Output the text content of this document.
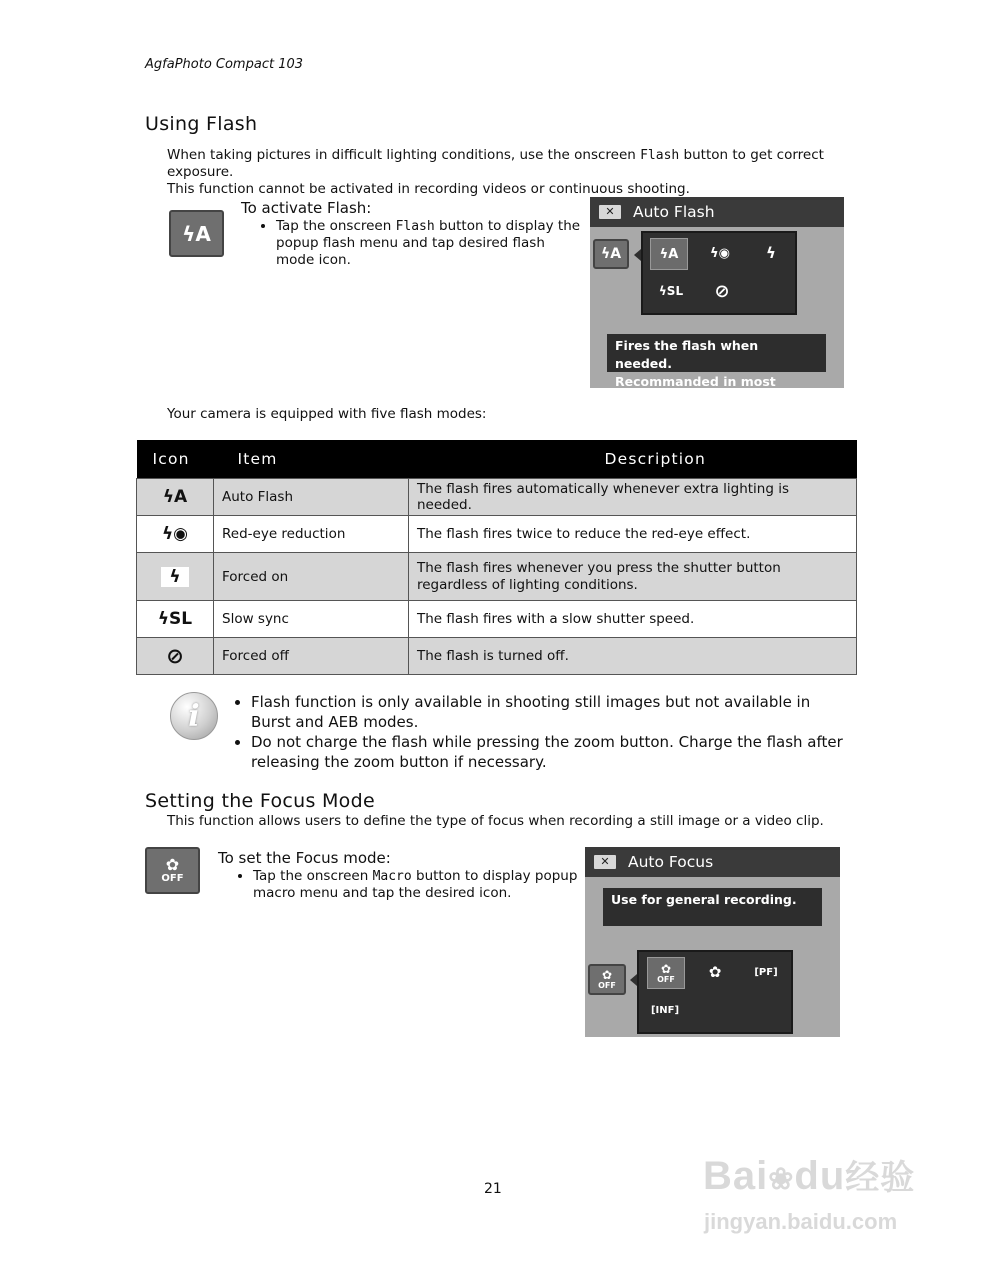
AgfaPhoto Compact 103
Using Flash
When taking pictures in difficult lighting conditions, use the onscreen Flash button to get correct exposure.
This function cannot be activated in recording videos or continuous shooting.
ϟA
To activate Flash:
• Tap the onscreen Flash button to display the popup flash menu and tap desired flash mode icon.
✕	Auto Flash
ϟA	ϟA	ϟ◉	ϟ
ϟSL	⊘
Fires the flash when needed.
Recommanded in most situations.
Your camera is equipped with five flash modes:
Icon	Item	Description
ϟA	Auto Flash	The flash fires automatically whenever extra lighting is needed.
ϟ◉	Red-eye reduction	The flash fires twice to reduce the red-eye effect.
ϟ	Forced on	The flash fires whenever you press the shutter button regardless of lighting conditions.
ϟSL	Slow sync	The flash fires with a slow shutter speed.
⊘	Forced off	The flash is turned off.
i	• Flash function is only available in shooting still images but not available in Burst and AEB modes.
• Do not charge the flash while pressing the zoom button. Charge the flash after releasing the zoom button if necessary.
Setting the Focus Mode
This function allows users to define the type of focus when recording a still image or a video clip.
✿
OFF
To set the Focus mode:
• Tap the onscreen Macro button to display popup macro menu and tap the desired icon.
✕	Auto Focus
Use for general recording.
✿
OFF
✿
OFF	✿	[PF]
[INF]
21	Bai❀du经验
jingyan.baidu.com
